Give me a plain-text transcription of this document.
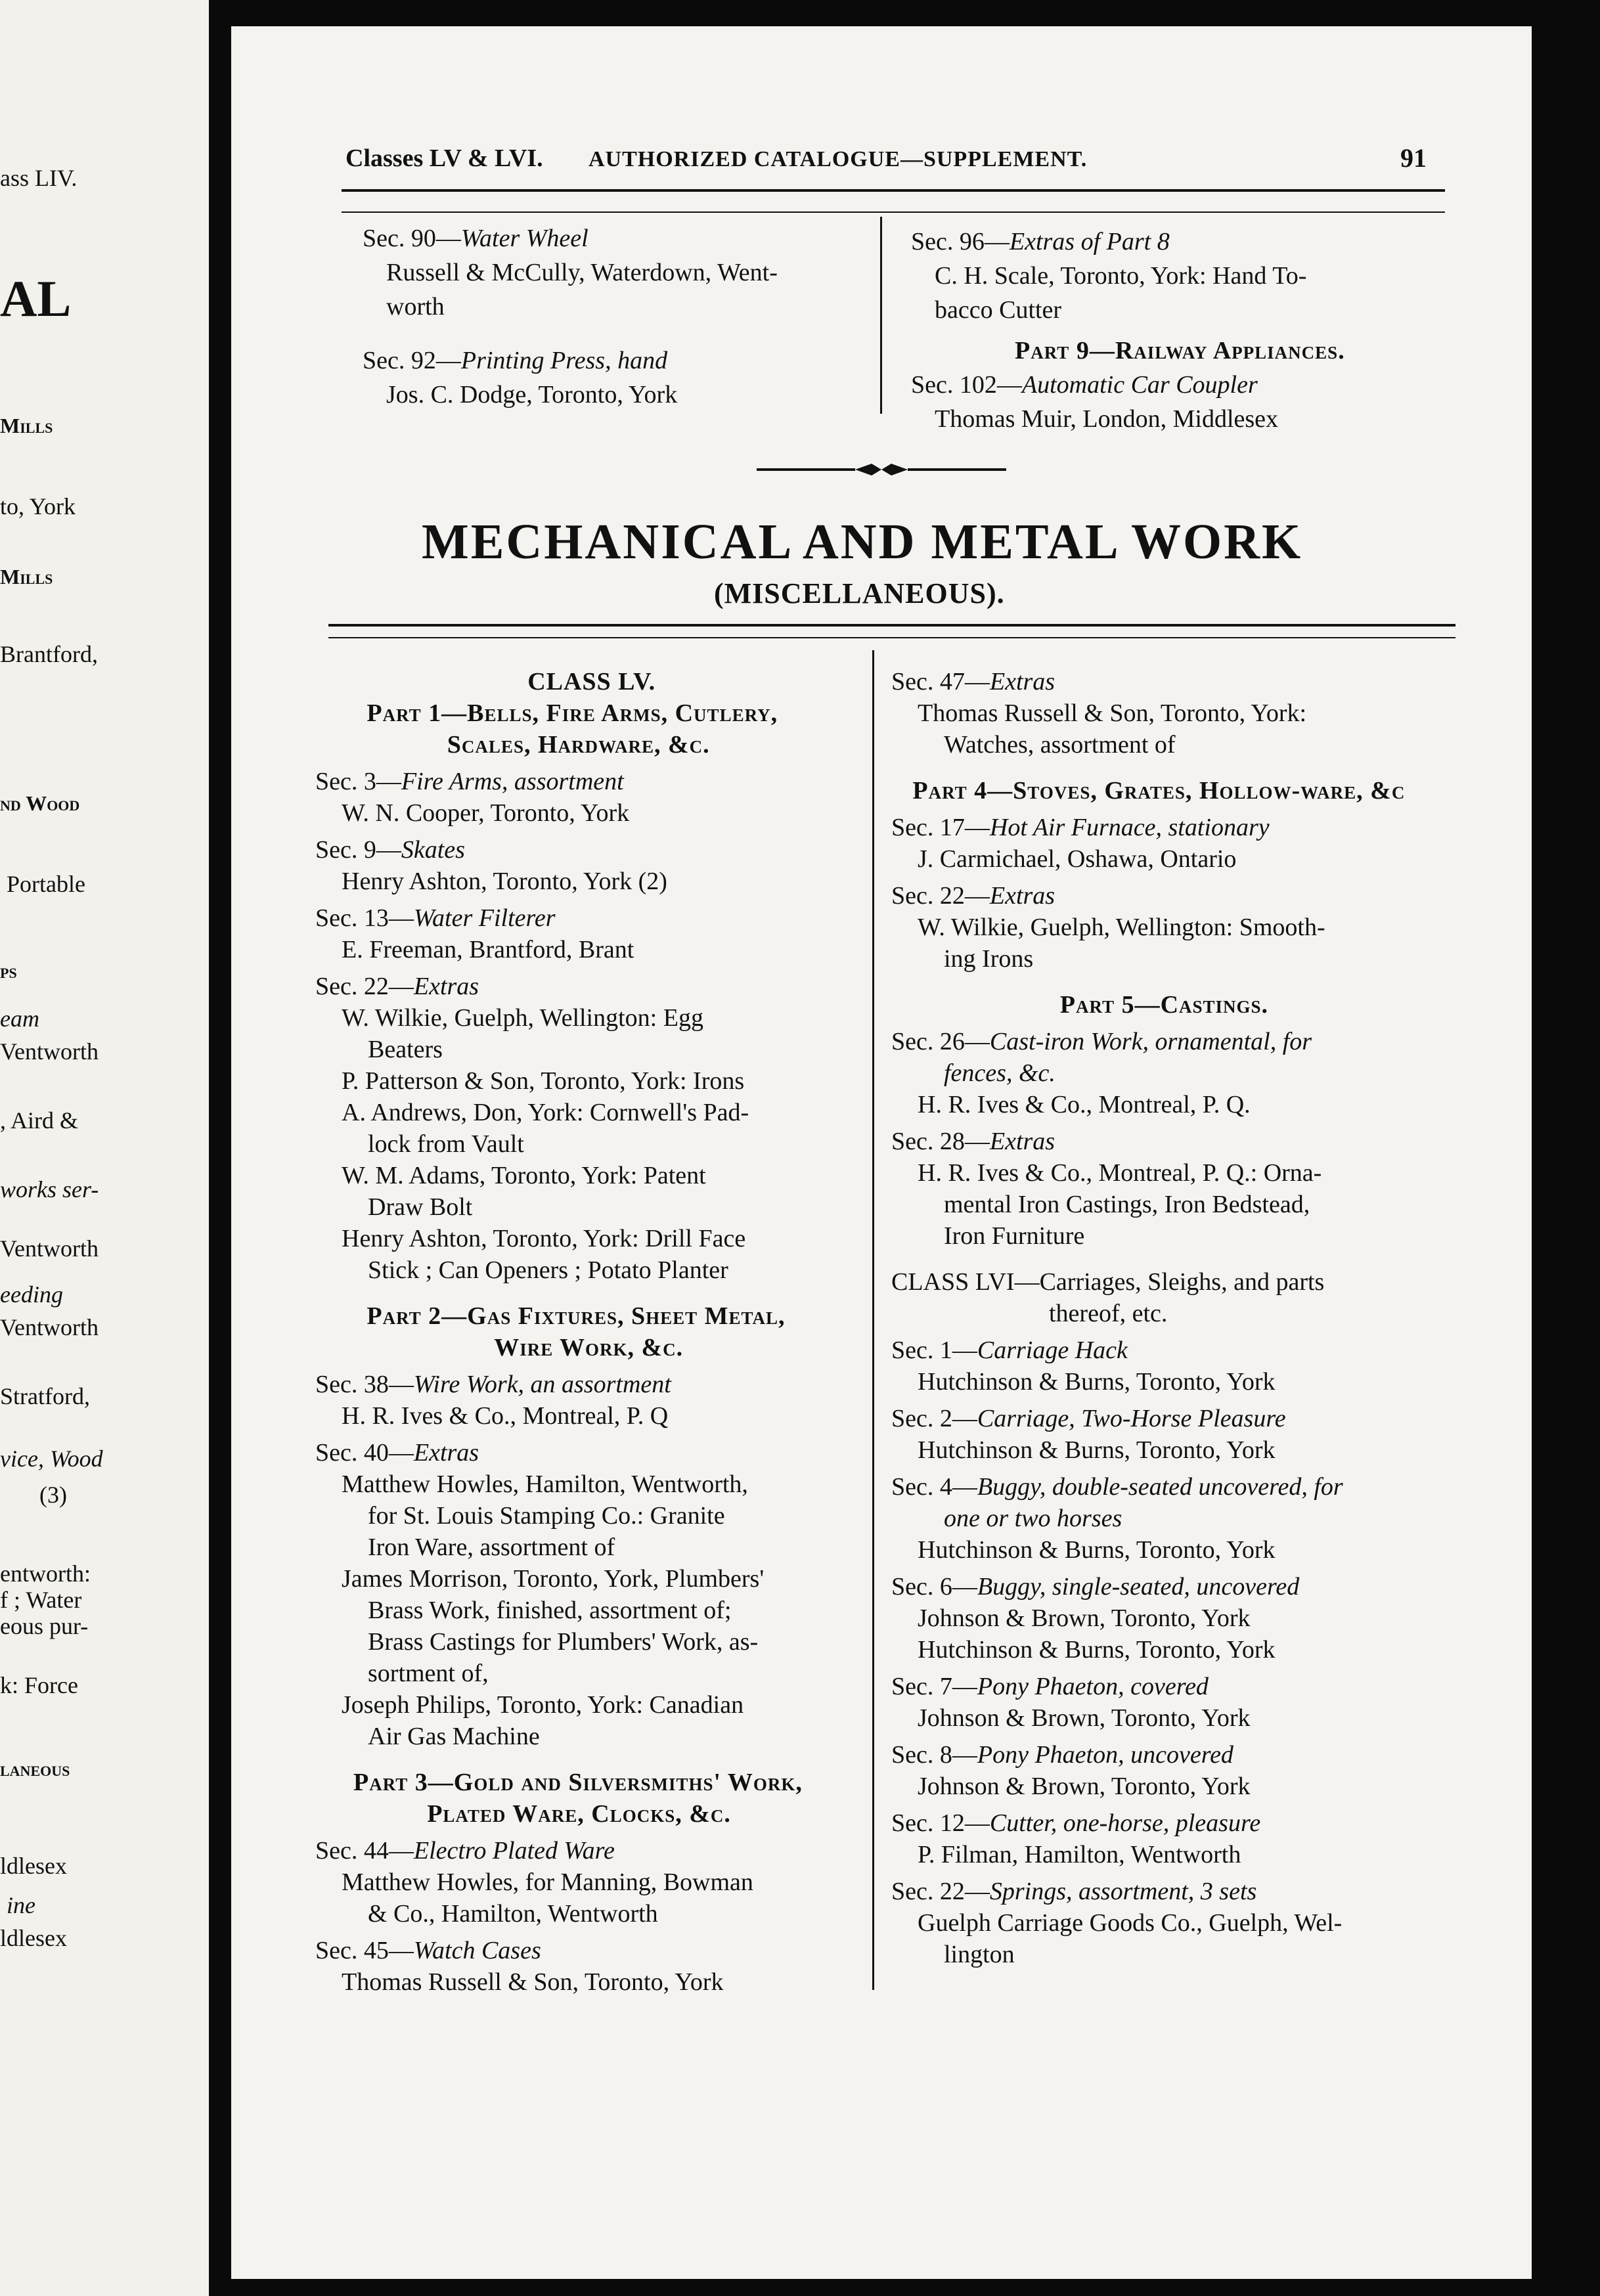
ass LIV.
AL
Mills
to, York
Mills
Brantford,
nd Wood
Portable
ps
eam
Ventworth
, Aird &
works ser-
Ventworth
eeding
Ventworth
Stratford,
vice, Wood
(3)
entworth:
f ; Water
eous pur-
k: Force
laneous
ldlesex
ine
ldlesex
Classes LV & LVI. AUTHORIZED CATALOGUE—SUPPLEMENT.	91
Sec. 90—Water Wheel
Russell & McCully, Waterdown, Went-
worth
Sec. 92—Printing Press, hand
Jos. C. Dodge, Toronto, York
Sec. 96—Extras of Part 8
C. H. Scale, Toronto, York: Hand To-
bacco Cutter
Part 9—Railway Appliances.
Sec. 102—Automatic Car Coupler
Thomas Muir, London, Middlesex
MECHANICAL AND METAL WORK
(MISCELLANEOUS).
CLASS LV.
Part 1—Bells, Fire Arms, Cutlery,
Scales, Hardware, &c.
Sec. 3—Fire Arms, assortment
W. N. Cooper, Toronto, York
Sec. 9—Skates
Henry Ashton, Toronto, York (2)
Sec. 13—Water Filterer
E. Freeman, Brantford, Brant
Sec. 22—Extras
W. Wilkie, Guelph, Wellington: Egg
Beaters
P. Patterson & Son, Toronto, York: Irons
A. Andrews, Don, York: Cornwell's Pad-
lock from Vault
W. M. Adams, Toronto, York: Patent
Draw Bolt
Henry Ashton, Toronto, York: Drill Face
Stick ; Can Openers ; Potato Planter
Part 2—Gas Fixtures, Sheet Metal,
Wire Work, &c.
Sec. 38—Wire Work, an assortment
H. R. Ives & Co., Montreal, P. Q
Sec. 40—Extras
Matthew Howles, Hamilton, Wentworth,
for St. Louis Stamping Co.: Granite
Iron Ware, assortment of
James Morrison, Toronto, York, Plumbers'
Brass Work, finished, assortment of;
Brass Castings for Plumbers' Work, as-
sortment of,
Joseph Philips, Toronto, York: Canadian
Air Gas Machine
Part 3—Gold and Silversmiths' Work,
Plated Ware, Clocks, &c.
Sec. 44—Electro Plated Ware
Matthew Howles, for Manning, Bowman
& Co., Hamilton, Wentworth
Sec. 45—Watch Cases
Thomas Russell & Son, Toronto, York
Sec. 47—Extras
Thomas Russell & Son, Toronto, York:
Watches, assortment of
Part 4—Stoves, Grates, Hollow-ware, &c
Sec. 17—Hot Air Furnace, stationary
J. Carmichael, Oshawa, Ontario
Sec. 22—Extras
W. Wilkie, Guelph, Wellington: Smooth-
ing Irons
Part 5—Castings.
Sec. 26—Cast-iron Work, ornamental, for
fences, &c.
H. R. Ives & Co., Montreal, P. Q.
Sec. 28—Extras
H. R. Ives & Co., Montreal, P. Q.: Orna-
mental Iron Castings, Iron Bedstead,
Iron Furniture
CLASS LVI—Carriages, Sleighs, and parts
thereof, etc.
Sec. 1—Carriage Hack
Hutchinson & Burns, Toronto, York
Sec. 2—Carriage, Two-Horse Pleasure
Hutchinson & Burns, Toronto, York
Sec. 4—Buggy, double-seated uncovered, for
one or two horses
Hutchinson & Burns, Toronto, York
Sec. 6—Buggy, single-seated, uncovered
Johnson & Brown, Toronto, York
Hutchinson & Burns, Toronto, York
Sec. 7—Pony Phaeton, covered
Johnson & Brown, Toronto, York
Sec. 8—Pony Phaeton, uncovered
Johnson & Brown, Toronto, York
Sec. 12—Cutter, one-horse, pleasure
P. Filman, Hamilton, Wentworth
Sec. 22—Springs, assortment, 3 sets
Guelph Carriage Goods Co., Guelph, Wel-
lington
